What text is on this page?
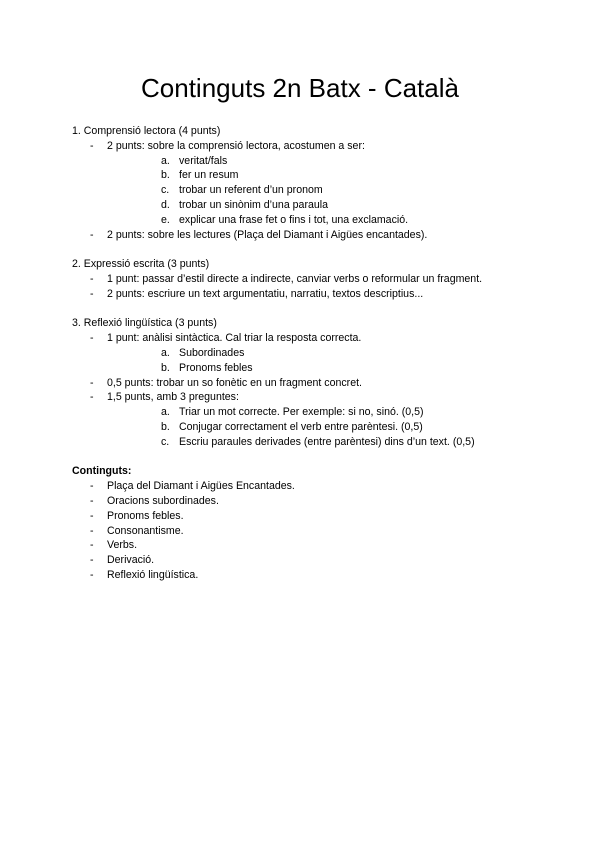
Continguts 2n Batx - Català
1. Comprensió lectora (4 punts)
- 2 punts: sobre la comprensió lectora, acostumen a ser:
a. veritat/fals
b. fer un resum
c. trobar un referent d’un pronom
d. trobar un sinònim d’una paraula
e. explicar una frase fet o fins i tot, una exclamació.
- 2 punts: sobre les lectures (Plaça del Diamant i Aigües encantades).
2. Expressió escrita (3 punts)
- 1 punt: passar d’estil directe a indirecte, canviar verbs o reformular un fragment.
- 2 punts: escriure un text argumentatiu, narratiu, textos descriptius...
3. Reflexió lingüística (3 punts)
- 1 punt: anàlisi sintàctica. Cal triar la resposta correcta.
a. Subordinades
b. Pronoms febles
- 0,5 punts: trobar un so fonètic en un fragment concret.
- 1,5 punts, amb 3 preguntes:
a. Triar un mot correcte. Per exemple: si no, sinó. (0,5)
b. Conjugar correctament el verb entre parèntesi. (0,5)
c. Escriu paraules derivades (entre parèntesi) dins d’un text. (0,5)
Continguts:
- Plaça del Diamant i Aigües Encantades.
- Oracions subordinades.
- Pronoms febles.
- Consonantisme.
- Verbs.
- Derivació.
- Reflexió lingüística.
